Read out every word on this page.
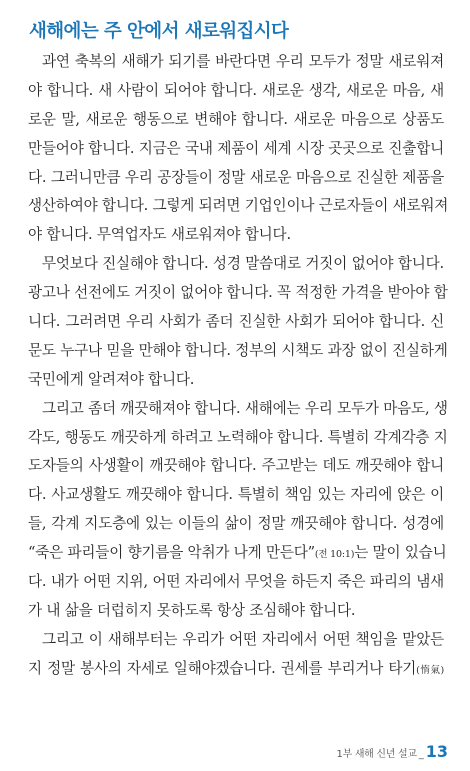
새해에는 주 안에서 새로워집시다
과연 축복의 새해가 되기를 바란다면 우리 모두가 정말 새로워져
야 합니다. 새 사람이 되어야 합니다. 새로운 생각, 새로운 마음, 새
로운 말, 새로운 행동으로 변해야 합니다. 새로운 마음으로 상품도
만들어야 합니다. 지금은 국내 제품이 세계 시장 곳곳으로 진출합니
다. 그러니만큼 우리 공장들이 정말 새로운 마음으로 진실한 제품을
생산하여야 합니다. 그렇게 되려면 기업인이나 근로자들이 새로워져
야 합니다. 무역업자도 새로워져야 합니다.
무엇보다 진실해야 합니다. 성경 말씀대로 거짓이 없어야 합니다.
광고나 선전에도 거짓이 없어야 합니다. 꼭 적정한 가격을 받아야 합
니다. 그러려면 우리 사회가 좀더 진실한 사회가 되어야 합니다. 신
문도 누구나 믿을 만해야 합니다. 정부의 시책도 과장 없이 진실하게
국민에게 알려져야 합니다.
그리고 좀더 깨끗해져야 합니다. 새해에는 우리 모두가 마음도, 생
각도, 행동도 깨끗하게 하려고 노력해야 합니다. 특별히 각계각층 지
도자들의 사생활이 깨끗해야 합니다. 주고받는 데도 깨끗해야 합니
다. 사교생활도 깨끗해야 합니다. 특별히 책임 있는 자리에 앉은 이
들, 각계 지도층에 있는 이들의 삶이 정말 깨끗해야 합니다. 성경에
“죽은 파리들이 향기름을 악취가 나게 만든다”(전 10:1)는 말이 있습니
다. 내가 어떤 지위, 어떤 자리에서 무엇을 하든지 죽은 파리의 냄새
가 내 삶을 더럽히지 못하도록 항상 조심해야 합니다.
그리고 이 새해부터는 우리가 어떤 자리에서 어떤 책임을 맡았든
지 정말 봉사의 자세로 일해야겠습니다. 권세를 부리거나 타기(惰氣)
1부 새해 신년 설교 _ 13
